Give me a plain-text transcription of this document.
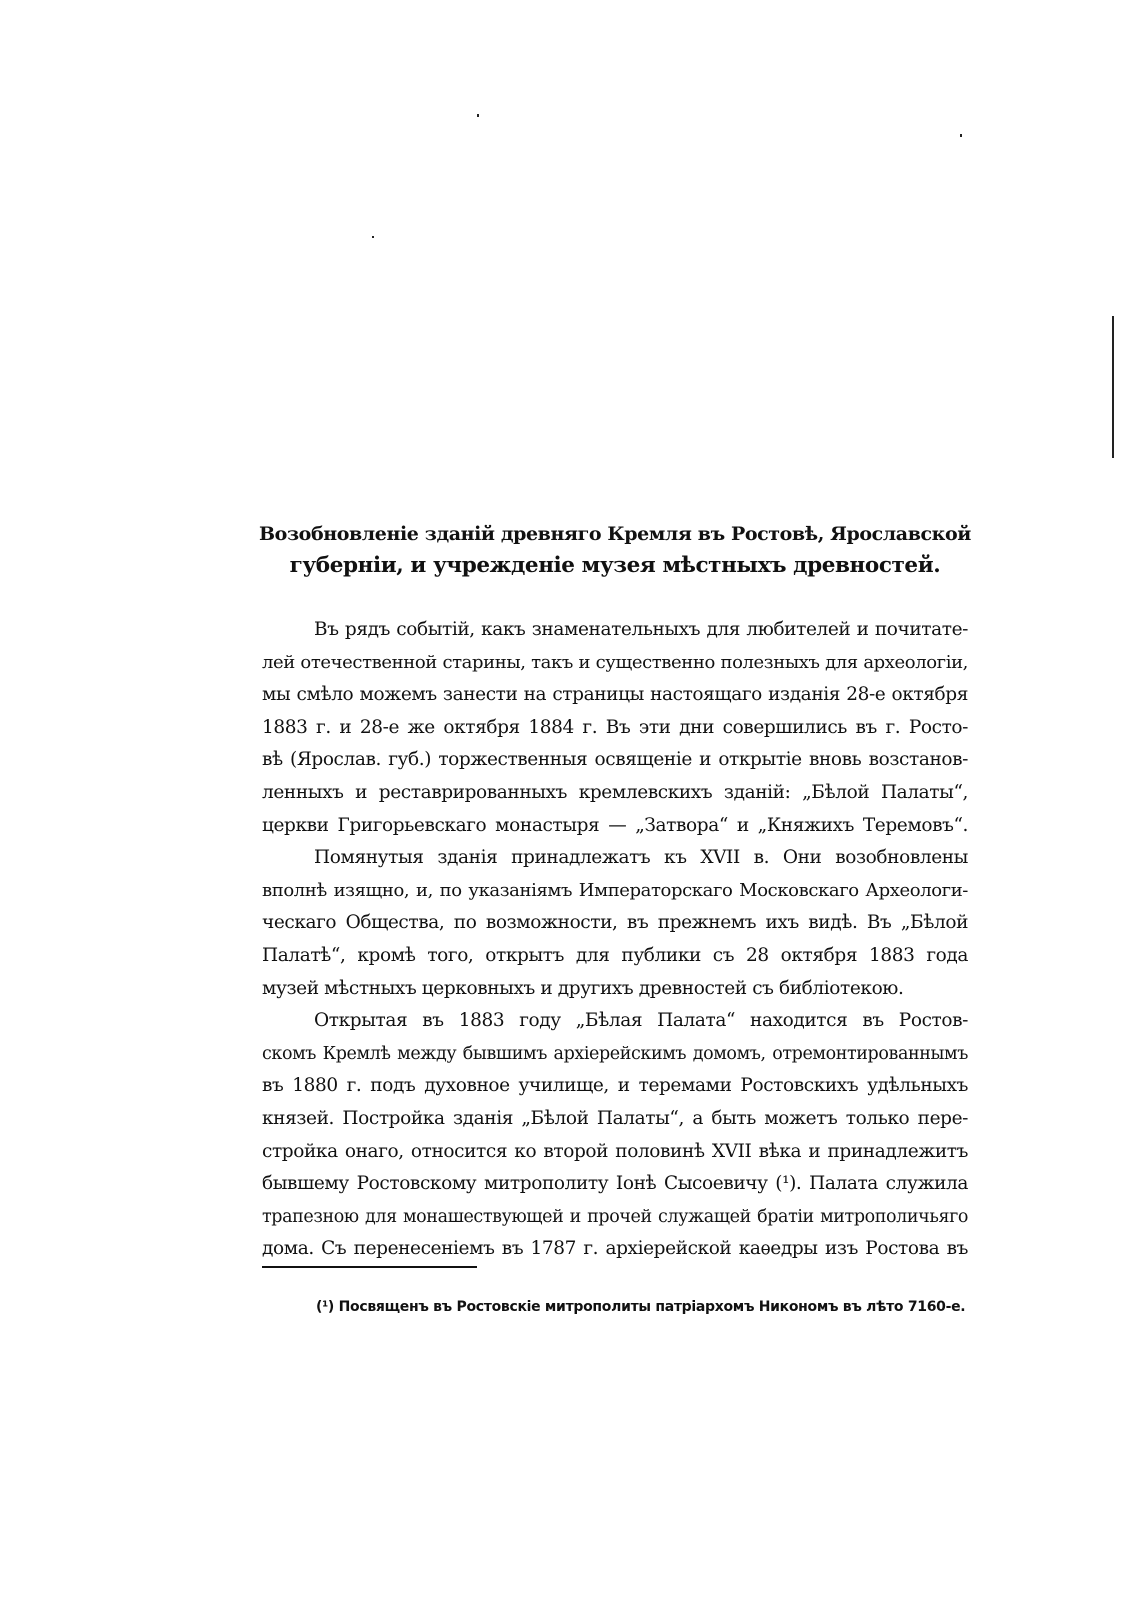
Возобновленіе зданій древняго Кремля въ Ростовѣ, Ярославской
губерніи, и учрежденіе музея мѣстныхъ древностей.
Въ рядъ событій, какъ знаменательныхъ для любителей и почитате-
лей отечественной старины, такъ и существенно полезныхъ для археологіи,
мы смѣло можемъ занести на страницы настоящаго изданія 28-е октября
1883 г. и 28-е же октября 1884 г. Въ эти дни совершились въ г. Росто-
вѣ (Ярослав. губ.) торжественныя освященіе и открытіе вновь возстанов-
ленныхъ и реставрированныхъ кремлевскихъ зданій: „Бѣлой Палаты“,
церкви Григорьевскаго монастыря — „Затвора“ и „Княжихъ Теремовъ“.
Помянутыя зданія принадлежатъ къ XVII в. Они возобновлены
вполнѣ изящно, и, по указаніямъ Императорскаго Московскаго Археологи-
ческаго Общества, по возможности, въ прежнемъ ихъ видѣ. Въ „Бѣлой
Палатѣ“, кромѣ того, открытъ для публики съ 28 октября 1883 года
музей мѣстныхъ церковныхъ и другихъ древностей съ библіотекою.
Открытая въ 1883 году „Бѣлая Палата“ находится въ Ростов-
скомъ Кремлѣ между бывшимъ архіерейскимъ домомъ, отремонтированнымъ
въ 1880 г. подъ духовное училище, и теремами Ростовскихъ удѣльныхъ
князей. Постройка зданія „Бѣлой Палаты“, а быть можетъ только пере-
стройка онаго, относится ко второй половинѣ XVII вѣка и принадлежитъ
бывшему Ростовскому митрополиту Іонѣ Сысоевичу (¹). Палата служила
трапезною для монашествующей и прочей служащей братіи митрополичьяго
дома. Съ перенесеніемъ въ 1787 г. архіерейской каѳедры изъ Ростова въ
(¹) Посвященъ въ Ростовскіе митрополиты патріархомъ Никономъ въ лѣто 7160-е.
